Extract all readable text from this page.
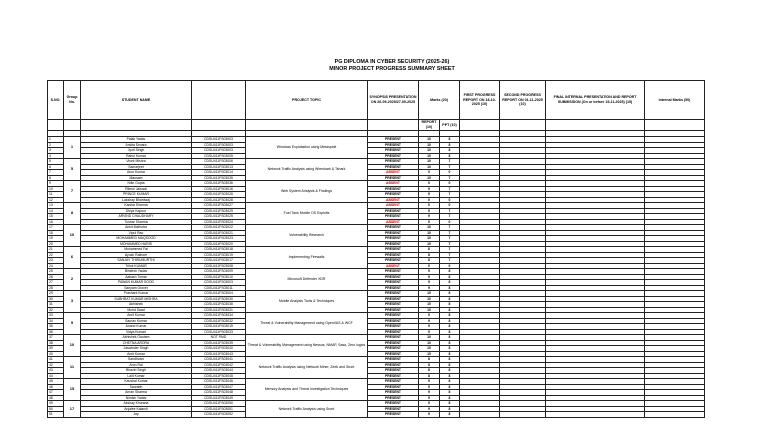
PG DIPLOMA IN CYBER SECURITY (2025-26)
MINOR PROJECT PROGRESS SUMMARY SHEET
S.NO.	Group No.	STUDENT NAME		PROJECT TOPIC	SYNOPSIS PRESENTATION ON 26-09-2025/27-09-2025	Marks (20)		FIRST PROGRESS REPORT ON 18-10-2025 (10)	SECOND PROGRESS REPORT ON 01-11-2025 (10)	FINAL INTERNAL PRESENTATION AND REPORT SUBMISSION (On or before 15-11-2025) (15)	Internal Marks (50)
						REPORT (10)	PPT (10)				

1	1	Palak Yadav	CDSU411FS03003	Windows Exploitation using Metasploit	PRESENT	10	8				
2		Ankita Sevara	CDSU411FS03003		PRESENT	10	8				
3		Jyoti Singh	CDSU411FS03003		PRESENT	10	8				
4		Rahul Kumar	CDSU411FS03005		PRESENT	10	8				
5	5	Vivek Mishra	CDSU411FS03006	Network Traffic Analysis using Wireshark & Tshark	PRESENT	10	7				
6		Samarjeet	CDSU411FS03013		PRESENT	10	7				
7		Arun Kumar	CDSU411FS03014		ABSENT	0	0				
8		Mausam	CDSU411FS03035		PRESENT	10	7				
9	7	Nitin Gupta	CDSU411FS03036	Web System Analysis & Findings	ABSENT	0	0				
10		Ritesh Jaiswal	CDSU411FS03016		PRESENT	9	7				
11		PRINCE KUMAR	CDSU411FS03026		PRESENT	9	7				
12		Lakshay Bhardwaj	CDSU411FS03028		ABSENT	0	0				
13	8	Kanika Sharma	CDSU411FS03027	Fuel Tank Mobile OS Exploits	ABSENT	0	0				
14		Divya Kapoor	CDSU411FS03029		PRESENT	9	7				
15		ARVIND CHAUDHARY	CDSU411FS03025		PRESENT	9	7				
16		Tushar Sharma	CDSU411FS03024		ABSENT	0	0				
17	10	Ankit Malhotra	CDSU411FS03022	Vulnerability Research	PRESENT	10	7				
18		Vipul Rao	CDSU411FS03021		PRESENT	10	7				
19		MOHAMMED MAQSOOD	CDSU411FS03023		PRESENT	10	7				
20		MOHAMMED HARIS	CDSU411FS03020		PRESENT	10	7				
21	6	Mohammed Fai	CDSU411FS03018	Implementing Firewalls	PRESENT	8	7				
22		Ayush Rathore	CDSU411FS03019		PRESENT	8	7				
23		SANJAY THIRUMURTHI	CDSU411FS03017		PRESENT	8	7				
24		Trilok KUMAR	CDSU411FS03008		ABSENT	0	0				
25	2	Bimlesh Yadav	CDSU411FS03009	Microsoft Defender XDR	PRESENT	9	8				
26		Aakash Tomar	CDSU411FS03010		PRESENT	9	8				
27		PAWAN KUMAR SOOD	CDSU411FS03003		PRESENT	9	8				
28		Sanyam Grover	CDSU411FS03011		PRESENT	9	8				
29	3	Prashant Kumar	CDSU411FS03004	Mobile Analysis Tools & Techniques	PRESENT	10	8				
30		SUBHRAT KUMAR MISHRA	CDSU411FS03030		PRESENT	10	8				
31		Abhishek	CDSU411FS03038		PRESENT	10	8				
32		Mohd Saad	CDSU411FS03031		PRESENT	10	8				
33	9	Amit Kumar	CDSU411FS03034	Threat & Vulnerability Management using OpenVAS & WCF	PRESENT	9	8				
34		Saurav Kumar	CDSU411FS03032		PRESENT	9	8				
35		Anand Kumar	CDSU411FS03015		PRESENT	9	8				
36		Vidya Kumari	CDSU411FS03033		PRESENT	9	8				
37	10	Abhishek Gautam	NOT PAID	Threat & Vulnerability Management using Nessus, NMAP, Sasa, Zero logics	PRESENT	10	8				
38		CHETNA ARORA	CDSU411FS03039		PRESENT	10	8				
39		Jaswinder Singh	CDSU411FS03040		PRESENT	10	8				
40		Amit Kumar	CDSU411FS03043		PRESENT	10	8				
41	11	Sandhvani	CDSU411FS03041	Network Traffic Analysis using Network Miner, Zeek and Snort	PRESENT	8	8				
42		Arun Rai	CDSU411FS03042		PRESENT	8	8				
43		Bhaviri Singh	CDSU411FS03044		PRESENT	8	8				
44		Lalit Kumar	CDSU411FS03045		PRESENT	8	8				
45	15	Kaushal Kumar	CDSU411FS03046	Memory Analysis and Threat Investigation Techniques	PRESENT	9	8				
46		Saurabh	CDSU411FS03047		PRESENT	9	8				
47		Aman Sharma	CDSU411FS03048		PRESENT	9	8				
48		Nimish Yadav	CDSU411FS03049		PRESENT	9	8				
49	17	Akshay Khurana	CDSU411FS03050	Network Traffic Analysis using Snort	PRESENT	9	8				
50		Anjalee Kalandi	CDSU411FS03051		PRESENT	9	8				
51		Jay	CDSU411FS03052		PRESENT	9	8				
